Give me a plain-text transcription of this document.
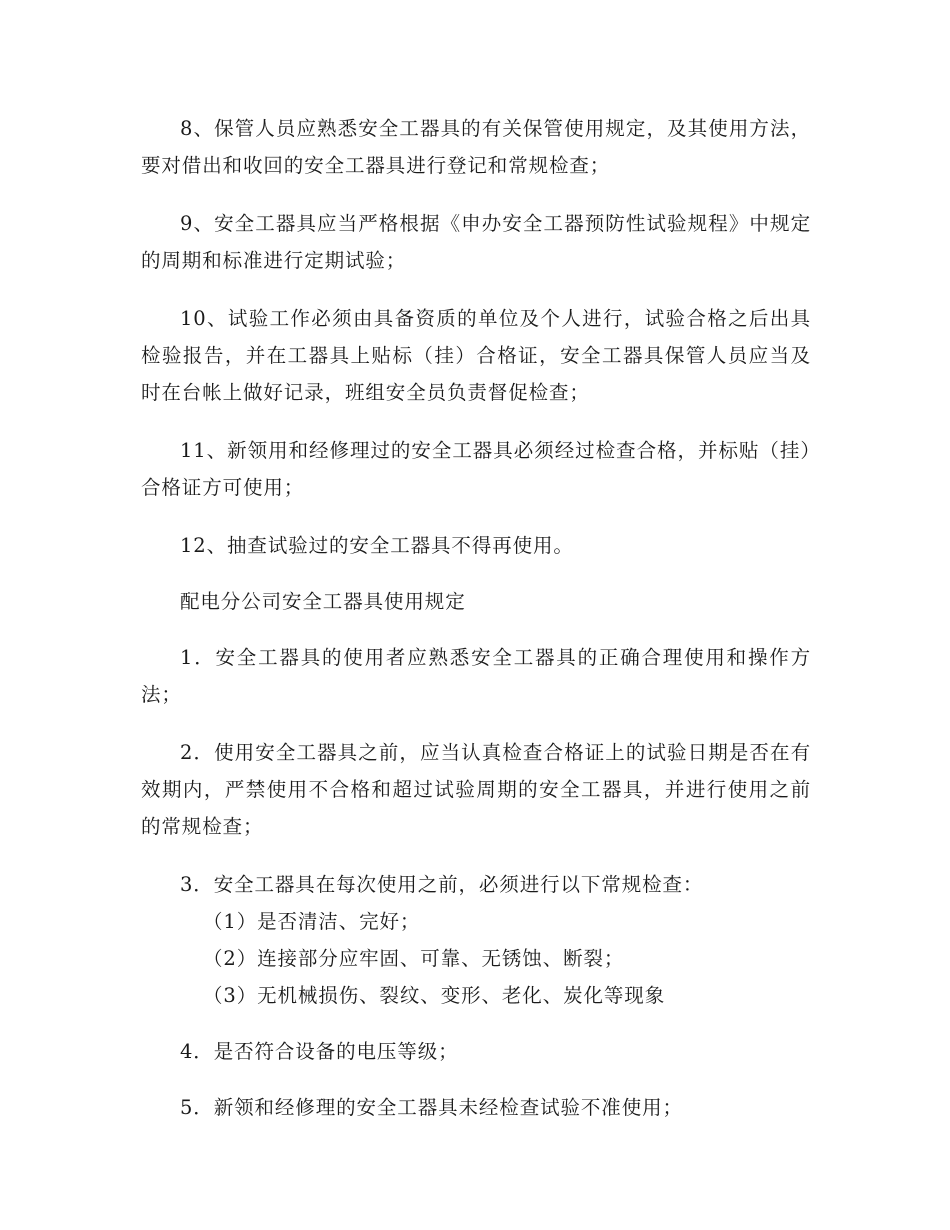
8、保管人员应熟悉安全工器具的有关保管使用规定，及其使用方法，要对借出和收回的安全工器具进行登记和常规检查；

9、安全工器具应当严格根据《申办安全工器预防性试验规程》中规定的周期和标准进行定期试验；

10、试验工作必须由具备资质的单位及个人进行，试验合格之后出具检验报告，并在工器具上贴标（挂）合格证，安全工器具保管人员应当及时在台帐上做好记录，班组安全员负责督促检查；

11、新领用和经修理过的安全工器具必须经过检查合格，并标贴（挂）合格证方可使用；

12、抽查试验过的安全工器具不得再使用。

配电分公司安全工器具使用规定

1．安全工器具的使用者应熟悉安全工器具的正确合理使用和操作方法；

2．使用安全工器具之前，应当认真检查合格证上的试验日期是否在有效期内，严禁使用不合格和超过试验周期的安全工器具，并进行使用之前的常规检查；

3．安全工器具在每次使用之前，必须进行以下常规检查：

（1）是否清洁、完好；

（2）连接部分应牢固、可靠、无锈蚀、断裂；

（3）无机械损伤、裂纹、变形、老化、炭化等现象

4．是否符合设备的电压等级；

5．新领和经修理的安全工器具未经检查试验不准使用；
